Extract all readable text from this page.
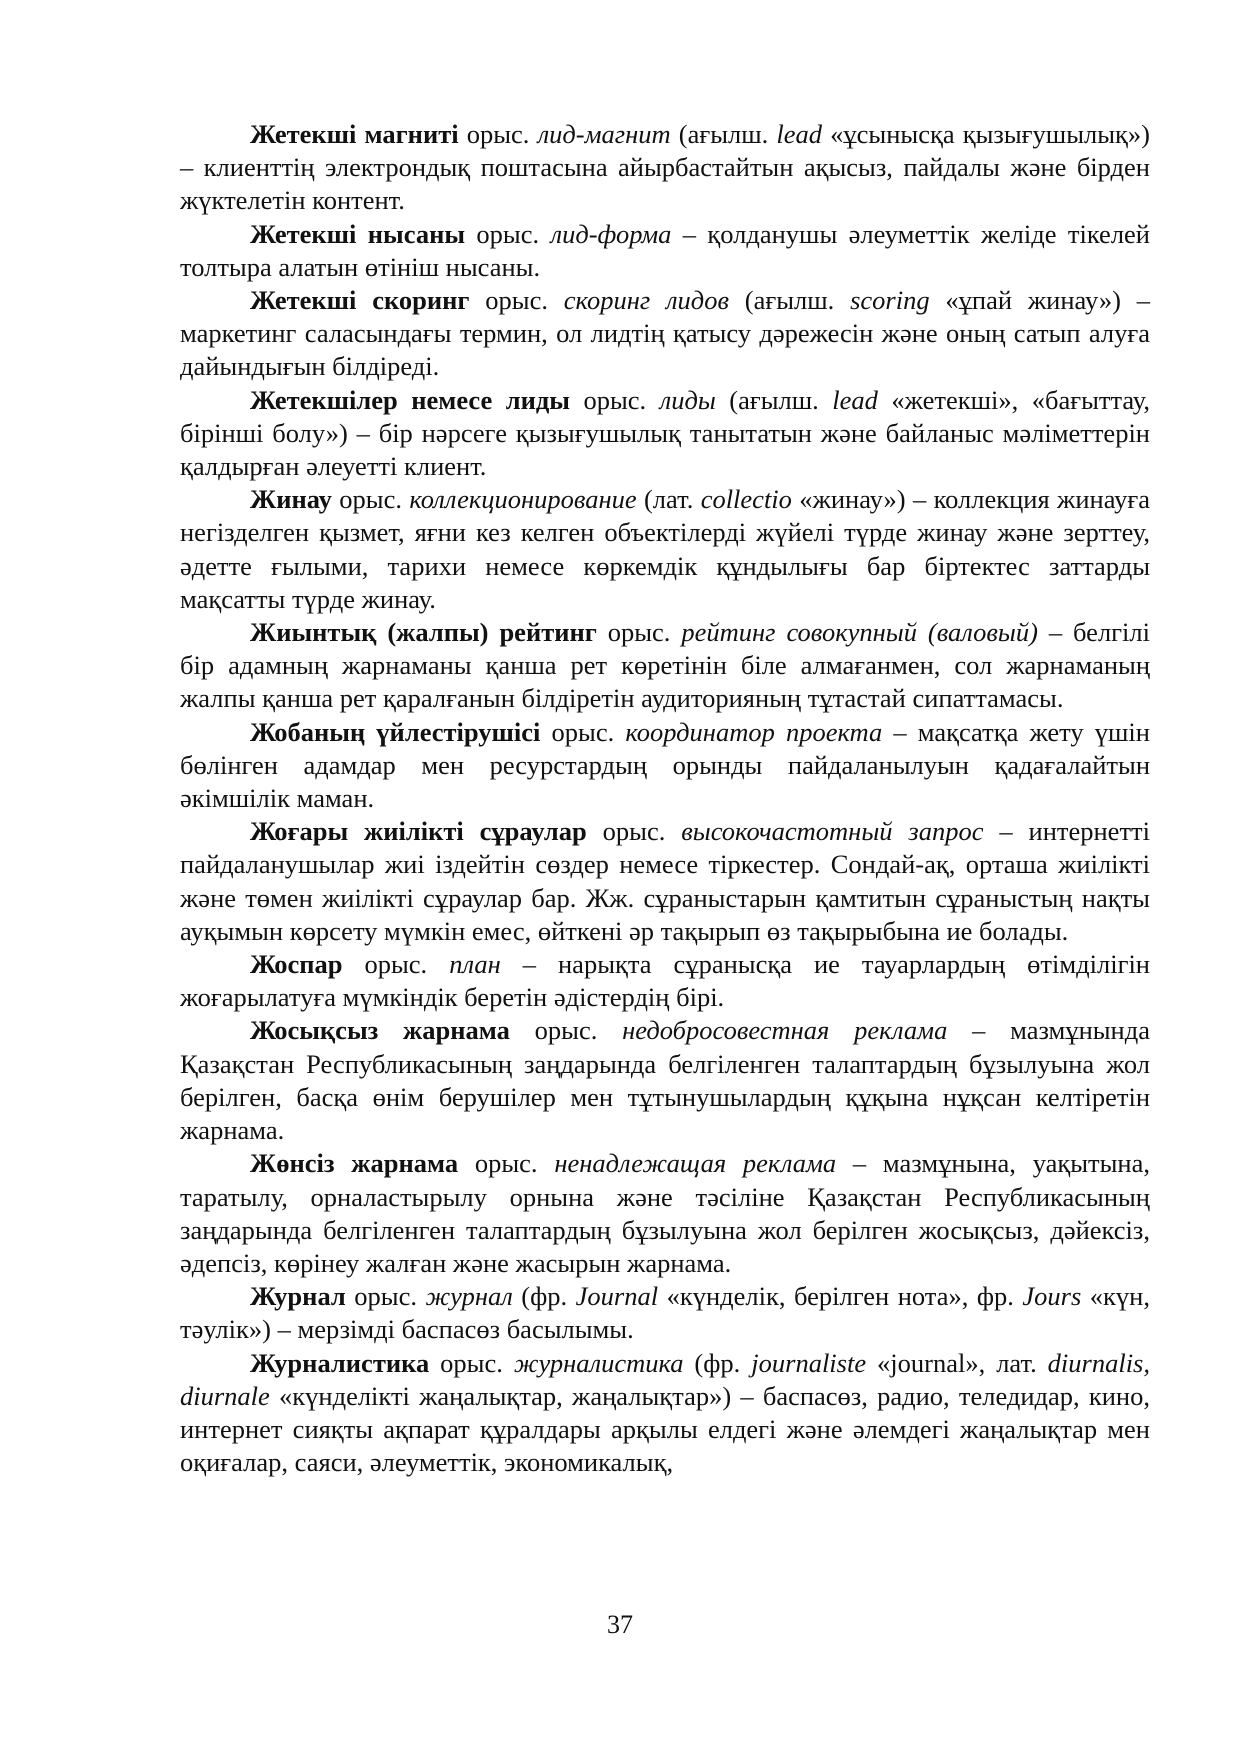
Жетекші магниті орыс. лид-магнит (ағылш. lead «ұсынысқа қызығушылық») – клиенттің электрондық поштасына айырбастайтын ақысыз, пайдалы және бірден жүктелетін контент.

Жетекші нысаны орыс. лид-форма – қолданушы әлеуметтік желіде тікелей толтыра алатын өтініш нысаны.

Жетекші скоринг орыс. скоринг лидов (ағылш. scoring «ұпай жинау») – маркетинг саласындағы термин, ол лидтің қатысу дәрежесін және оның сатып алуға дайындығын білдіреді.

Жетекшілер немесе лиды орыс. лиды (ағылш. lead «жетекші», «бағыттау, бірінші болу») – бір нәрсеге қызығушылық танытатын және байланыс мәліметтерін қалдырған әлеуетті клиент.

Жинау орыс. коллекционирование (лат. collectio «жинау») – коллекция жинауға негізделген қызмет, яғни кез келген объектілерді жүйелі түрде жинау және зерттеу, әдетте ғылыми, тарихи немесе көркемдік құндылығы бар біртектес заттарды мақсатты түрде жинау.

Жиынтық (жалпы) рейтинг орыс. рейтинг совокупный (валовый) – белгілі бір адамның жарнаманы қанша рет көретінін біле алмағанмен, сол жарнаманың жалпы қанша рет қаралғанын білдіретін аудиторияның тұтастай сипаттамасы.

Жобаның үйлестірушісі орыс. координатор проекта – мақсатқа жету үшін бөлінген адамдар мен ресурстардың орынды пайдаланылуын қадағалайтын әкімшілік маман.

Жоғары жиілікті сұраулар орыс. высокочастотный запрос – интернетті пайдаланушылар жиі іздейтін сөздер немесе тіркестер. Сондай-ақ, орташа жиілікті және төмен жиілікті сұраулар бар. Жж. сұраныстарын қамтитын сұраныстың нақты ауқымын көрсету мүмкін емес, өйткені әр тақырып өз тақырыбына ие болады.

Жоспар орыс. план – нарықта сұранысқа ие тауарлардың өтімділігін жоғарылатуға мүмкіндік беретін әдістердің бірі.

Жосықсыз жарнама орыс. недобросовестная реклама – мазмұнында Қазақстан Республикасының заңдарында белгіленген талаптардың бұзылуына жол берілген, басқа өнім берушілер мен тұтынушылардың құқына нұқсан келтіретін жарнама.

Жөнсіз жарнама орыс. ненадлежащая реклама – мазмұнына, уақытына, таратылу, орналастырылу орнына және тәсіліне Қазақстан Республикасының заңдарында белгіленген талаптардың бұзылуына жол берілген жосықсыз, дәйексіз, әдепсіз, көрінеу жалған және жасырын жарнама.

Журнал орыс. журнал (фр. Journal «күнделік, берілген нота», фр. Jours «күн, тәулік») – мерзімді баспасөз басылымы.

Журналистика орыс. журналистика (фр. journaliste «journal», лат. diurnalis, diurnale «күнделікті жаңалықтар, жаңалықтар») – баспасөз, радио, теледидар, кино, интернет сияқты ақпарат құралдары арқылы елдегі және әлемдегі жаңалықтар мен оқиғалар, саяси, әлеуметтік, экономикалық,

37
